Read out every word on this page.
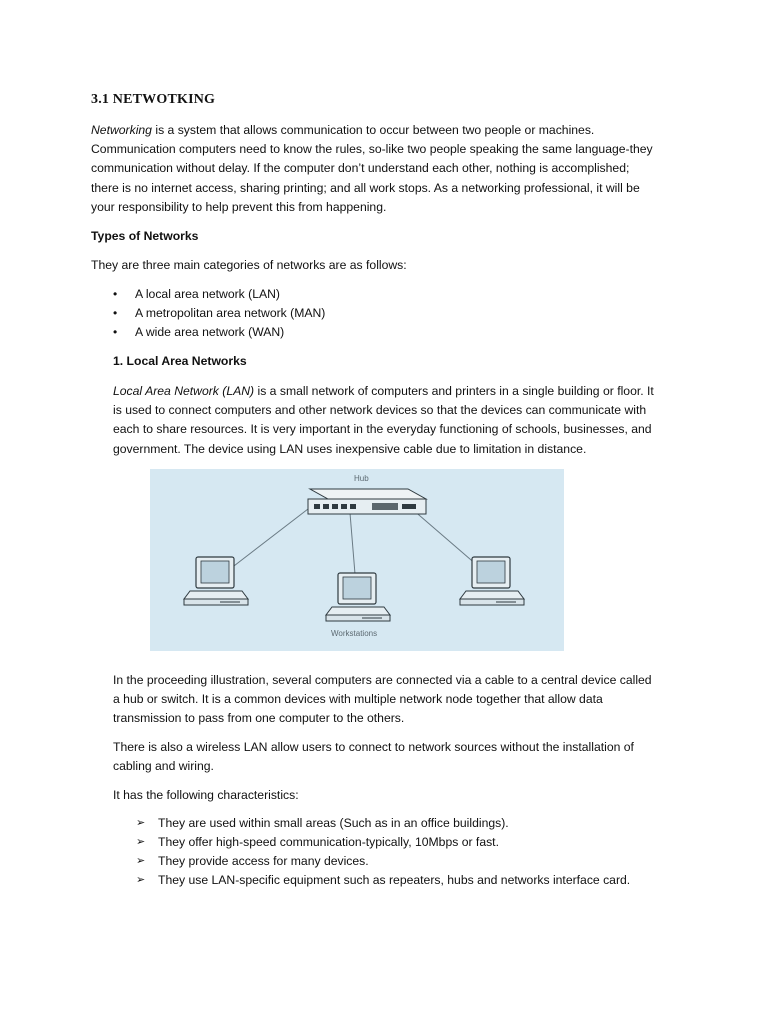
3.1 NETWOTKING

Networking is a system that allows communication to occur between two people or machines.
Communication computers need to know the rules, so-like two people speaking the same language-they
communication without delay. If the computer don’t understand each other, nothing is accomplished;
there is no internet access, sharing printing; and all work stops. As a networking professional, it will be
your responsibility to help prevent this from happening.

Types of Networks

They are three main categories of networks are as follows:

• A local area network (LAN)
• A metropolitan area network (MAN)
• A wide area network (WAN)

1. Local Area Networks

Local Area Network (LAN) is a small network of computers and printers in a single building or floor. It
is used to connect computers and other network devices so that the devices can communicate with
each to share resources. It is very important in the everyday functioning of schools, businesses, and
government. The device using LAN uses inexpensive cable due to limitation in distance.

Hub
Workstations

In the proceeding illustration, several computers are connected via a cable to a central device called
a hub or switch. It is a common devices with multiple network node together that allow data
transmission to pass from one computer to the others.

There is also a wireless LAN allow users to connect to network sources without the installation of
cabling and wiring.

It has the following characteristics:

➢ They are used within small areas (Such as in an office buildings).
➢ They offer high-speed communication-typically, 10Mbps or fast.
➢ They provide access for many devices.
➢ They use LAN-specific equipment such as repeaters, hubs and networks interface card.
